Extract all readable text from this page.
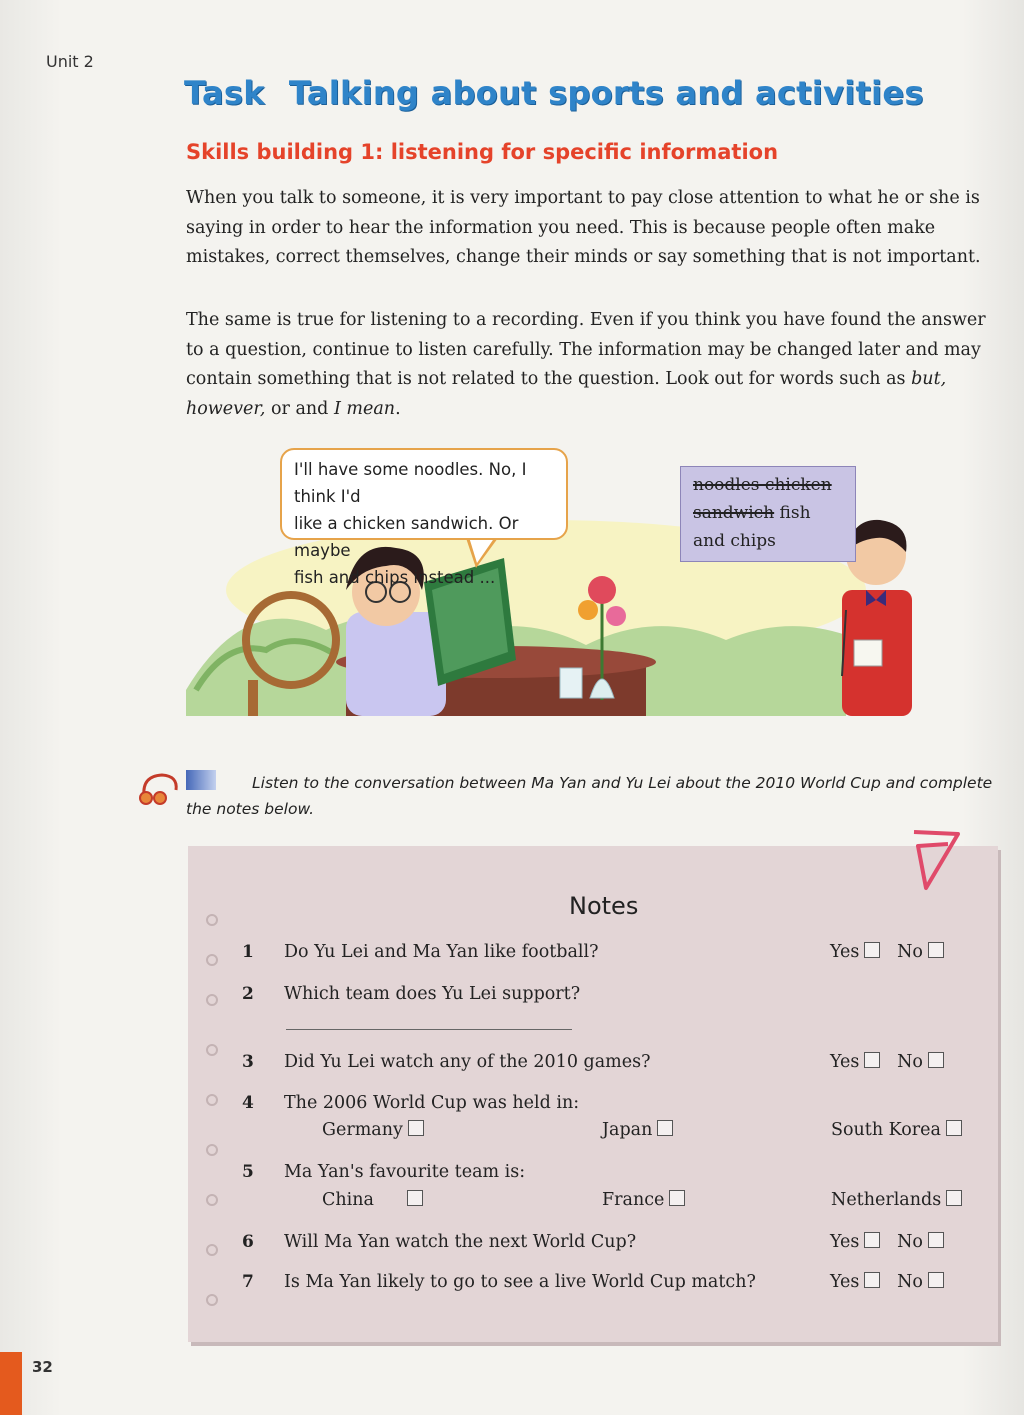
Unit 2
Task Talking about sports and activities
Skills building 1: listening for specific information

When you talk to someone, it is very important to pay close attention to what he or she is saying in order to hear the information you need. This is because people often make mistakes, correct themselves, change their minds or say something that is not important.

The same is true for listening to a recording. Even if you think you have found the answer to a question, continue to listen carefully. The information may be changed later and may contain something that is not related to the question. Look out for words such as but, however, or and I mean.

I'll have some noodles. No, I think I'd
like a chicken sandwich. Or maybe
fish and chips instead ...
noodles chicken
sandwich fish
and chips

Listen to the conversation between Ma Yan and Yu Lei about the 2010 World Cup and complete the notes below.

Notes
1 Do Yu Lei and Ma Yan like football?	Yes No
2 Which team does Yu Lei support?
3 Did Yu Lei watch any of the 2010 games?	Yes No
4 The 2006 World Cup was held in:
Germany	Japan	South Korea
5 Ma Yan's favourite team is:
China	France	Netherlands
6 Will Ma Yan watch the next World Cup?	Yes No
7 Is Ma Yan likely to go to see a live World Cup match?	Yes No
32
